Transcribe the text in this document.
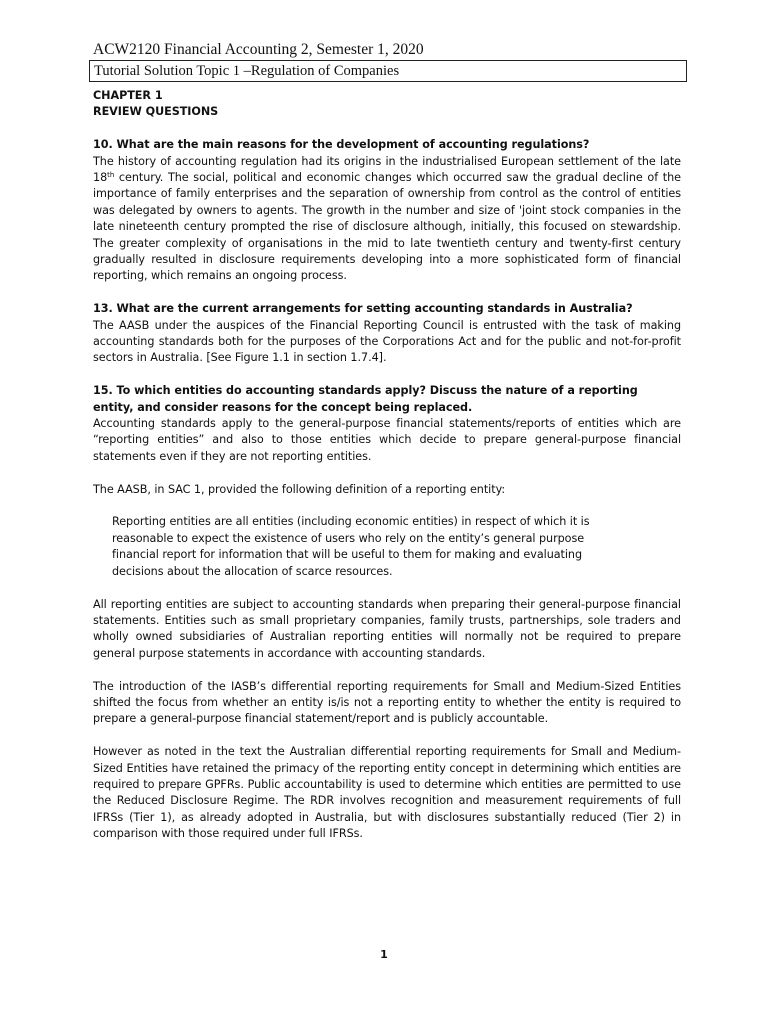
ACW2120 Financial Accounting 2, Semester 1, 2020

Tutorial Solution Topic 1 –Regulation of Companies

CHAPTER 1

REVIEW QUESTIONS

10. What are the main reasons for the development of accounting regulations?

The history of accounting regulation had its origins in the industrialised European settlement of the late 18th century. The social, political and economic changes which occurred saw the gradual decline of the importance of family enterprises and the separation of ownership from control as the control of entities was delegated by owners to agents. The growth in the number and size of 'joint stock companies in the late nineteenth century prompted the rise of disclosure although, initially, this focused on stewardship. The greater complexity of organisations in the mid to late twentieth century and twenty-first century gradually resulted in disclosure requirements developing into a more sophisticated form of financial reporting, which remains an ongoing process.

13. What are the current arrangements for setting accounting standards in Australia?

The AASB under the auspices of the Financial Reporting Council is entrusted with the task of making accounting standards both for the purposes of the Corporations Act and for the public and not-for-profit sectors in Australia. [See Figure 1.1 in section 1.7.4].

15. To which entities do accounting standards apply? Discuss the nature of a reporting entity, and consider reasons for the concept being replaced.

Accounting standards apply to the general-purpose financial statements/reports of entities which are “reporting entities” and also to those entities which decide to prepare general-purpose financial statements even if they are not reporting entities.

The AASB, in SAC 1, provided the following definition of a reporting entity:

Reporting entities are all entities (including economic entities) in respect of which it is

reasonable to expect the existence of users who rely on the entity’s general purpose

financial report for information that will be useful to them for making and evaluating

decisions about the allocation of scarce resources.

All reporting entities are subject to accounting standards when preparing their general-purpose financial statements. Entities such as small proprietary companies, family trusts, partnerships, sole traders and wholly owned subsidiaries of Australian reporting entities will normally not be required to prepare general purpose statements in accordance with accounting standards.

The introduction of the IASB’s differential reporting requirements for Small and Medium-Sized Entities shifted the focus from whether an entity is/is not a reporting entity to whether the entity is required to prepare a general-purpose financial statement/report and is publicly accountable.

However as noted in the text the Australian differential reporting requirements for Small and Medium-Sized Entities have retained the primacy of the reporting entity concept in determining which entities are required to prepare GPFRs. Public accountability is used to determine which entities are permitted to use the Reduced Disclosure Regime. The RDR involves recognition and measurement requirements of full IFRSs (Tier 1), as already adopted in Australia, but with disclosures substantially reduced (Tier 2) in comparison with those required under full IFRSs.

1
